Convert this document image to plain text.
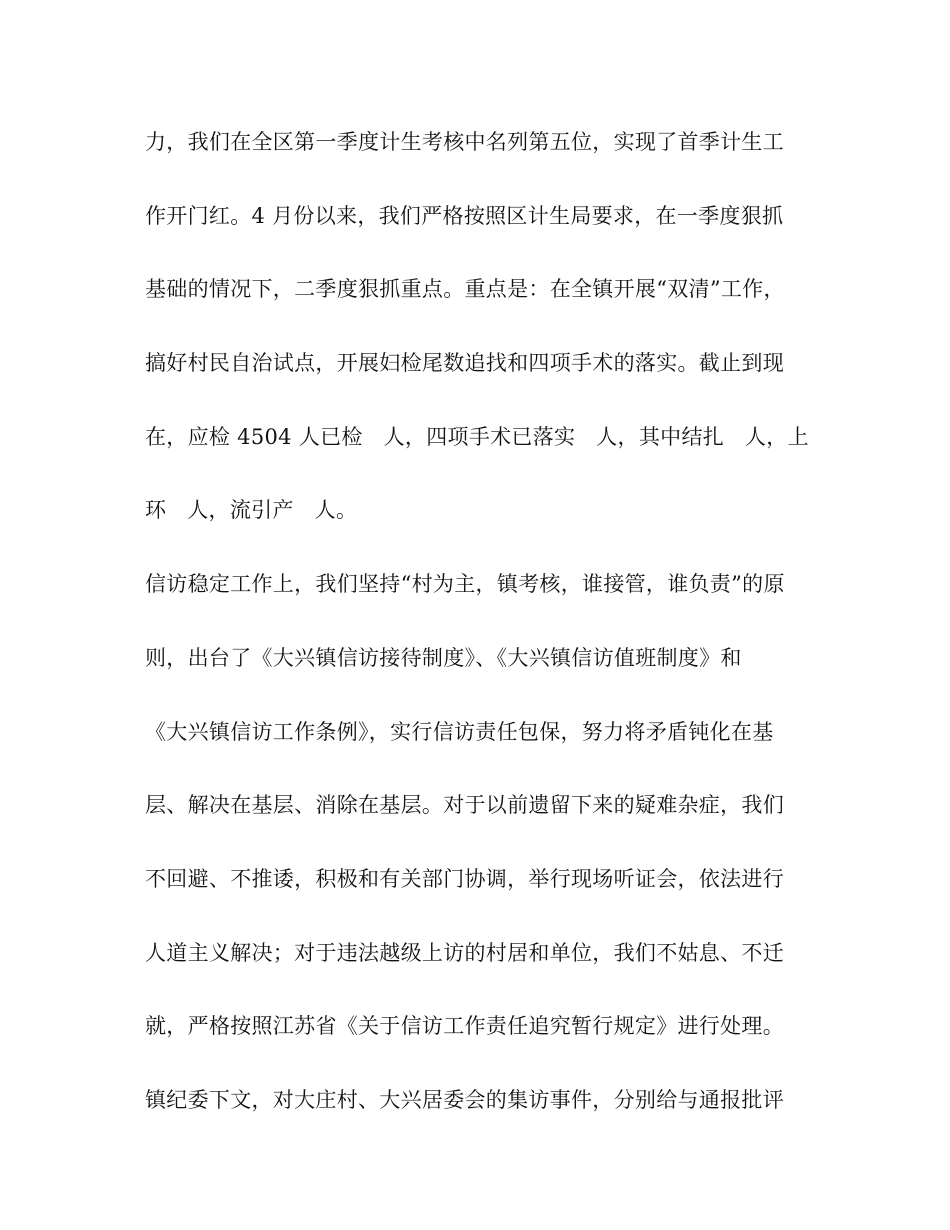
力，我们在全区第一季度计生考核中名列第五位，实现了首季计生工
作开门红。4 月份以来，我们严格按照区计生局要求，在一季度狠抓
基础的情况下，二季度狠抓重点。重点是：在全镇开展“双清”工作，
搞好村民自治试点，开展妇检尾数追找和四项手术的落实。截止到现
在，应检 4504 人已检   人，四项手术已落实   人，其中结扎   人，上
环   人，流引产   人。
信访稳定工作上，我们坚持“村为主，镇考核，谁接管，谁负责”的原
则，出台了《大兴镇信访接待制度》、《大兴镇信访值班制度》和
《大兴镇信访工作条例》，实行信访责任包保，努力将矛盾钝化在基
层、解决在基层、消除在基层。对于以前遗留下来的疑难杂症，我们
不回避、不推诿，积极和有关部门协调，举行现场听证会，依法进行
人道主义解决；对于违法越级上访的村居和单位，我们不姑息、不迁
就，严格按照江苏省《关于信访工作责任追究暂行规定》进行处理。
镇纪委下文，对大庄村、大兴居委会的集访事件，分别给与通报批评
